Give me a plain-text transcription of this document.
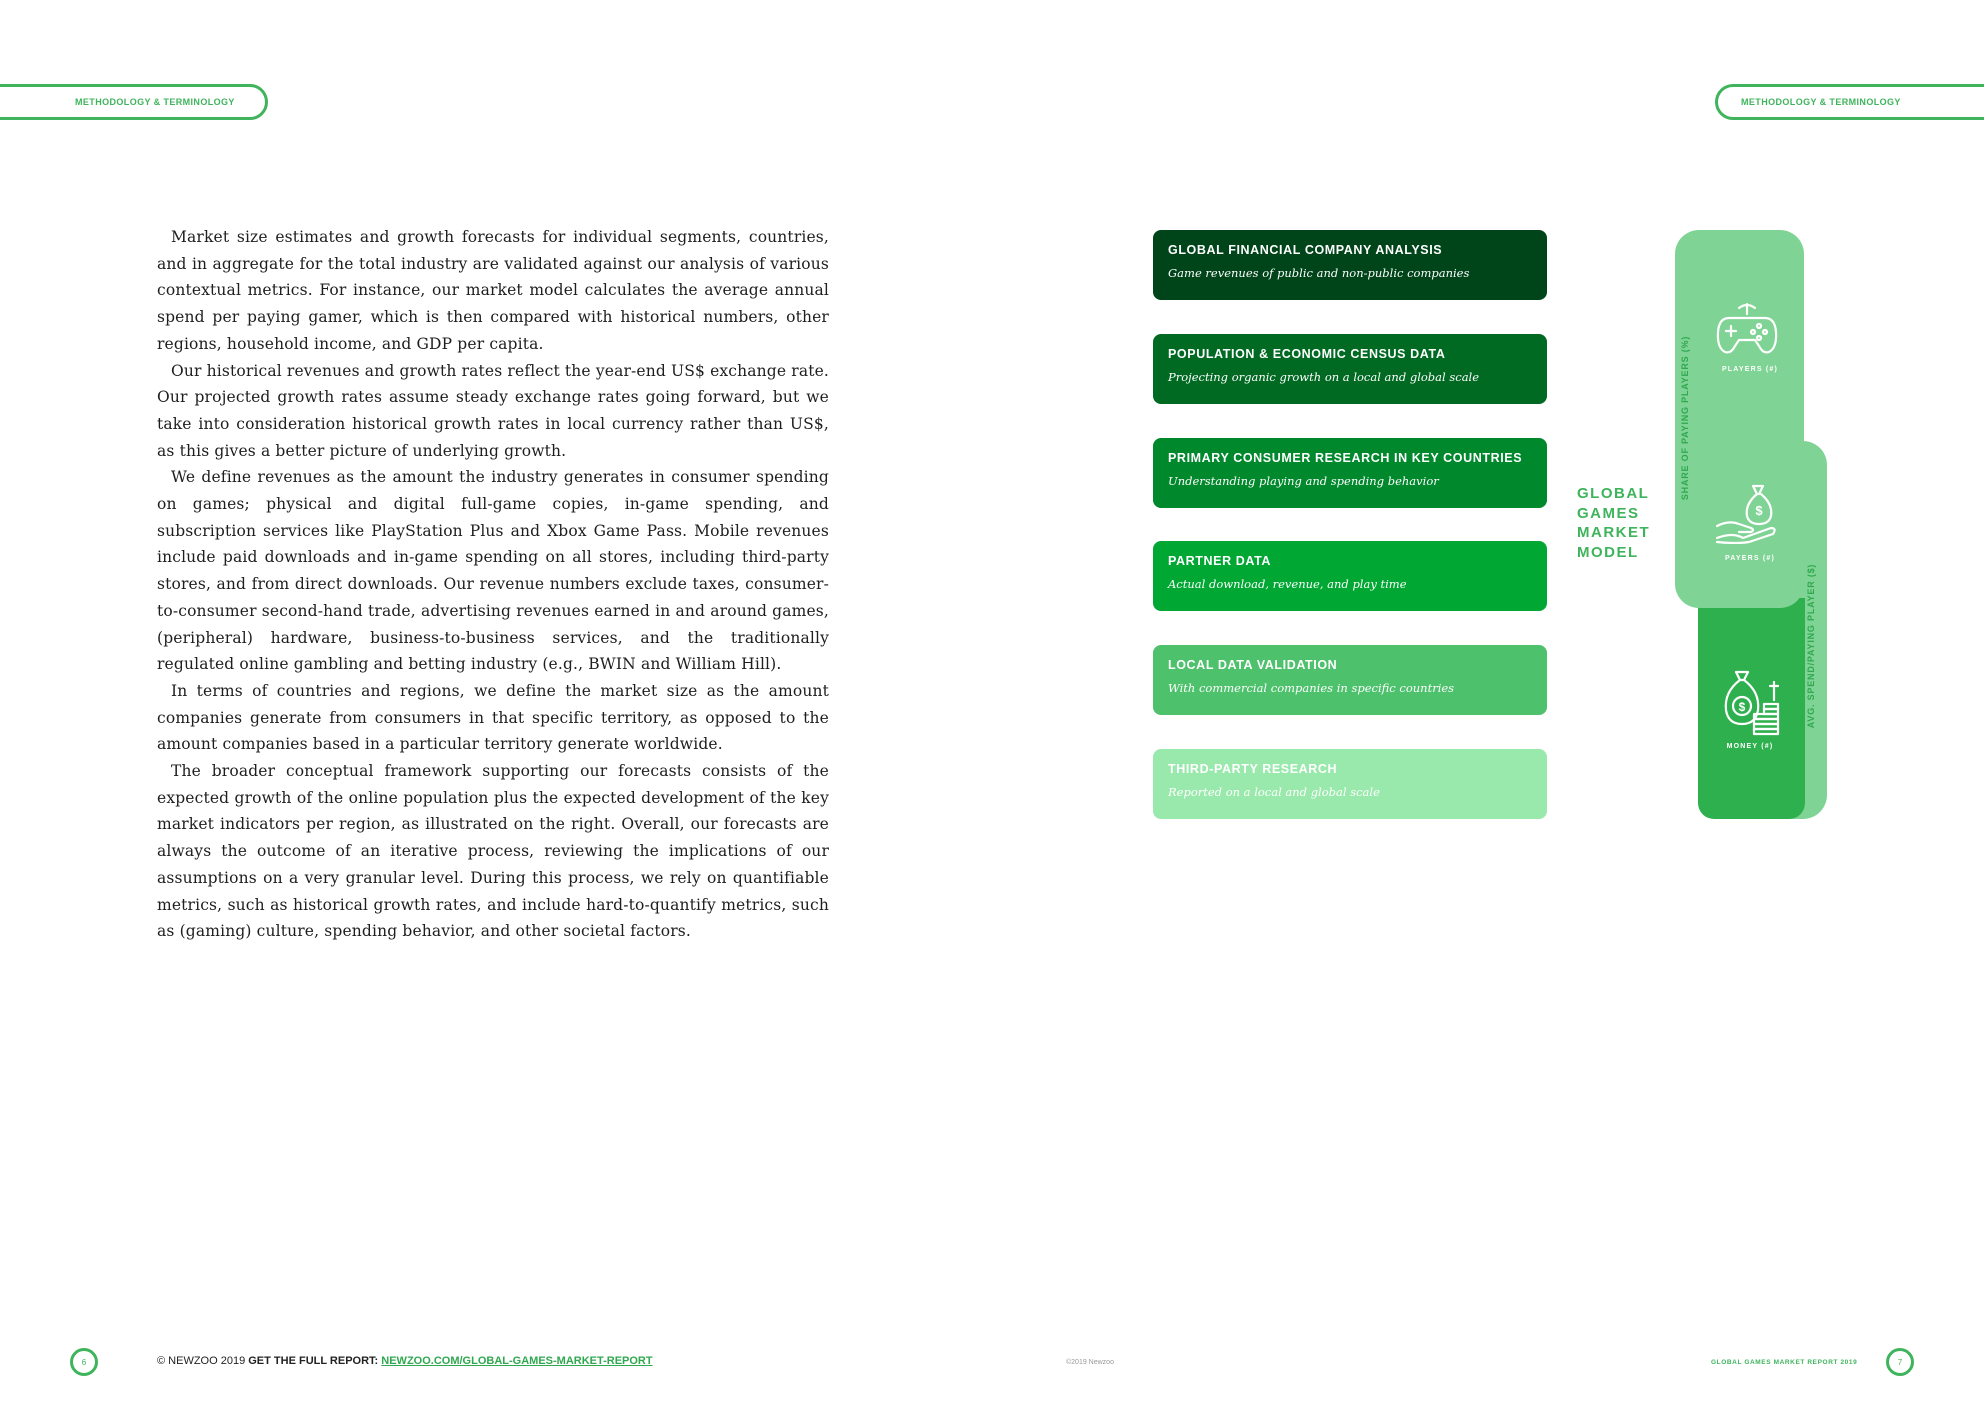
METHODOLOGY & TERMINOLOGY	METHODOLOGY & TERMINOLOGY

Market size estimates and growth forecasts for individual segments, countries, and in aggregate for the total industry are validated against our analysis of various contextual metrics. For instance, our market model calculates the average annual spend per paying gamer, which is then compared with historical numbers, other regions, household income, and GDP per capita.

Our historical revenues and growth rates reflect the year-end US$ exchange rate. Our projected growth rates assume steady exchange rates going forward, but we take into consideration historical growth rates in local currency rather than US$, as this gives a better picture of underlying growth.

We define revenues as the amount the industry generates in consumer spending on games; physical and digital full-game copies, in-game spending, and subscription services like PlayStation Plus and Xbox Game Pass. Mobile revenues include paid downloads and in-game spending on all stores, including third-party stores, and from direct downloads. Our revenue numbers exclude taxes, consumer-to-consumer second-hand trade, advertising revenues earned in and around games, (peripheral) hardware, business-to-business services, and the traditionally regulated online gambling and betting industry (e.g., BWIN and William Hill).

In terms of countries and regions, we define the market size as the amount companies generate from consumers in that specific territory, as opposed to the amount companies based in a particular territory generate worldwide.

The broader conceptual framework supporting our forecasts consists of the expected growth of the online population plus the expected development of the key market indicators per region, as illustrated on the right. Overall, our forecasts are always the outcome of an iterative process, reviewing the implications of our assumptions on a very granular level. During this process, we rely on quantifiable metrics, such as historical growth rates, and include hard-to-quantify metrics, such as (gaming) culture, spending behavior, and other societal factors.

GLOBAL FINANCIAL COMPANY ANALYSIS
Game revenues of public and non-public companies
POPULATION & ECONOMIC CENSUS DATA
Projecting organic growth on a local and global scale
PRIMARY CONSUMER RESEARCH IN KEY COUNTRIES
Understanding playing and spending behavior
PARTNER DATA
Actual download, revenue, and play time
LOCAL DATA VALIDATION
With commercial companies in specific countries
THIRD-PARTY RESEARCH
Reported on a local and global scale
GLOBAL
GAMES
MARKET
MODEL
PLAYERS (#)
$
PAYERS (#)
$
MONEY (#)
SHARE OF PAYING PLAYERS (%)
AVG. SPEND/PAYING PLAYER ($)
6	© NEWZOO 2019 GET THE FULL REPORT: NEWZOO.COM/GLOBAL-GAMES-MARKET-REPORT	©2019 Newzoo	GLOBAL GAMES MARKET REPORT 2019	7
